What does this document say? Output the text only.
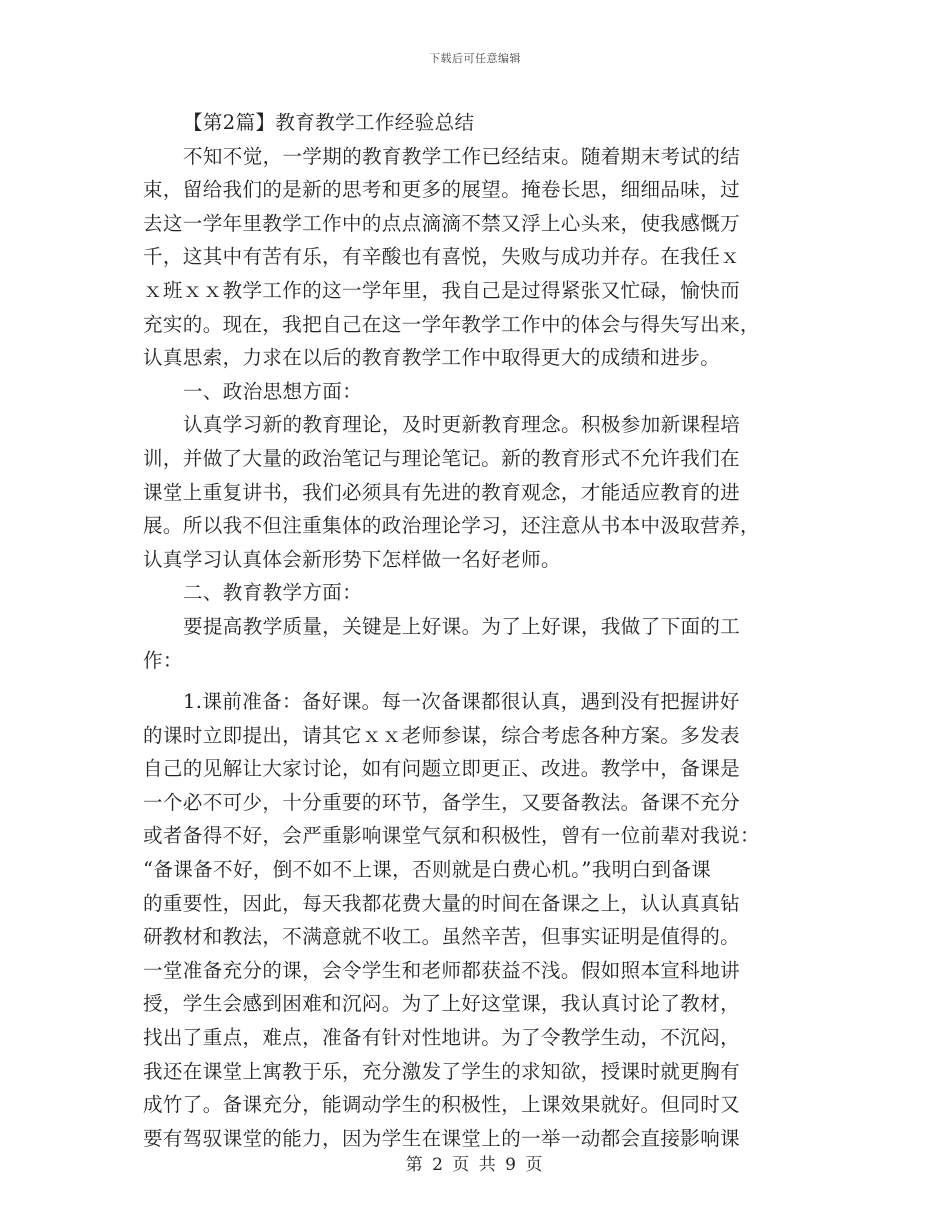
下载后可任意编辑
【第2篇】教育教学工作经验总结
不知不觉，一学期的教育教学工作已经结束。随着期末考试的结
束，留给我们的是新的思考和更多的展望。掩卷长思，细细品味，过
去这一学年里教学工作中的点点滴滴不禁又浮上心头来，使我感慨万
千，这其中有苦有乐，有辛酸也有喜悦，失败与成功并存。在我任ｘ
ｘ班ｘｘ教学工作的这一学年里，我自己是过得紧张又忙碌，愉快而
充实的。现在，我把自己在这一学年教学工作中的体会与得失写出来，
认真思索，力求在以后的教育教学工作中取得更大的成绩和进步。
一、政治思想方面：
认真学习新的教育理论，及时更新教育理念。积极参加新课程培
训，并做了大量的政治笔记与理论笔记。新的教育形式不允许我们在
课堂上重复讲书，我们必须具有先进的教育观念，才能适应教育的进
展。所以我不但注重集体的政治理论学习，还注意从书本中汲取营养，
认真学习认真体会新形势下怎样做一名好老师。
二、教育教学方面：
要提高教学质量，关键是上好课。为了上好课，我做了下面的工
作：
1.课前准备：备好课。每一次备课都很认真，遇到没有把握讲好
的课时立即提出，请其它ｘｘ老师参谋，综合考虑各种方案。多发表
自己的见解让大家讨论，如有问题立即更正、改进。教学中，备课是
一个必不可少，十分重要的环节，备学生，又要备教法。备课不充分
或者备得不好，会严重影响课堂气氛和积极性，曾有一位前辈对我说：
“备课备不好，倒不如不上课，否则就是白费心机。”我明白到备课
的重要性，因此，每天我都花费大量的时间在备课之上，认认真真钻
研教材和教法，不满意就不收工。虽然辛苦，但事实证明是值得的。
一堂准备充分的课，会令学生和老师都获益不浅。假如照本宣科地讲
授，学生会感到困难和沉闷。为了上好这堂课，我认真讨论了教材，
找出了重点，难点，准备有针对性地讲。为了令教学生动，不沉闷，
我还在课堂上寓教于乐，充分激发了学生的求知欲，授课时就更胸有
成竹了。备课充分，能调动学生的积极性，上课效果就好。但同时又
要有驾驭课堂的能力，因为学生在课堂上的一举一动都会直接影响课
第 2 页 共 9 页
